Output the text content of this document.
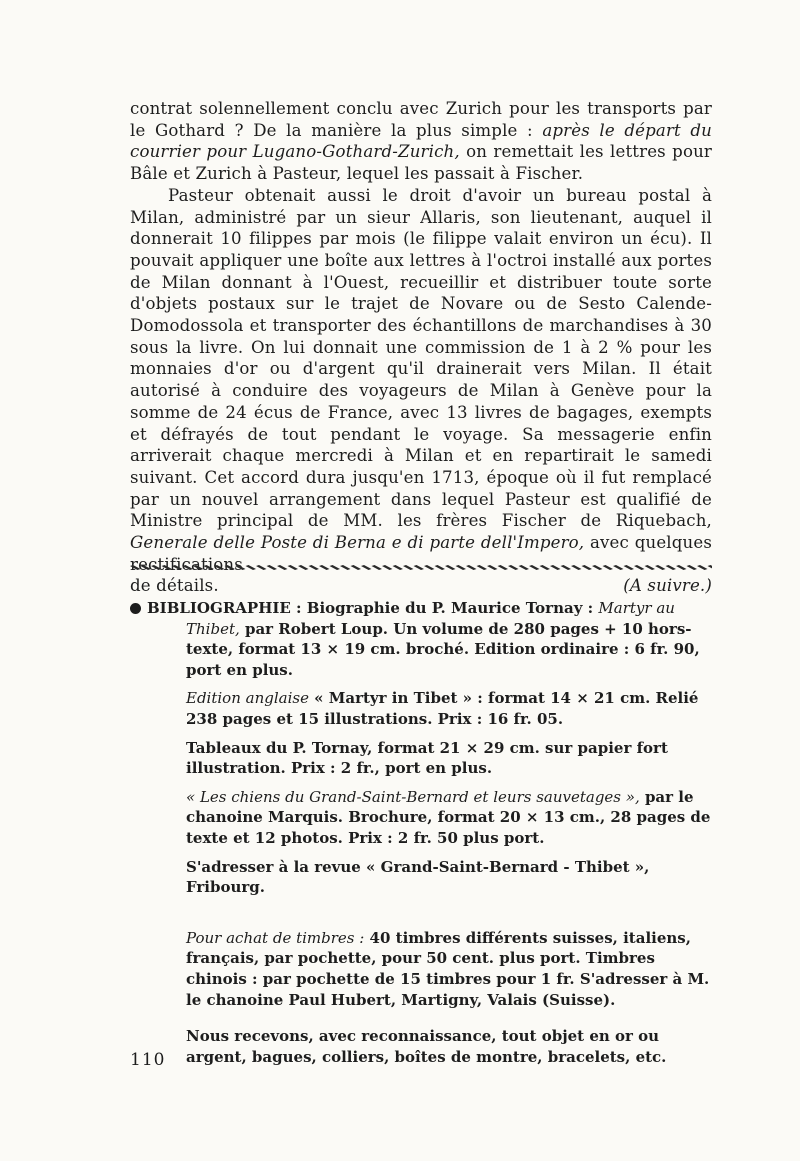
contrat solennellement conclu avec Zurich pour les transports par le Gothard ? De la manière la plus simple : après le départ du courrier pour Lugano-Gothard-Zurich, on remettait les lettres pour Bâle et Zurich à Pasteur, lequel les passait à Fischer.

Pasteur obtenait aussi le droit d'avoir un bureau postal à Milan, administré par un sieur Allaris, son lieutenant, auquel il donnerait 10 filippes par mois (le filippe valait environ un écu). Il pouvait appliquer une boîte aux lettres à l'octroi installé aux portes de Milan donnant à l'Ouest, recueillir et distribuer toute sorte d'objets postaux sur le trajet de Novare ou de Sesto Calende-Domodossola et transporter des échantillons de marchandises à 30 sous la livre. On lui donnait une commission de 1 à 2 % pour les monnaies d'or ou d'argent qu'il drainerait vers Milan. Il était autorisé à conduire des voyageurs de Milan à Genève pour la somme de 24 écus de France, avec 13 livres de bagages, exempts et défrayés de tout pendant le voyage. Sa messagerie enfin arriverait chaque mercredi à Milan et en repartirait le samedi suivant. Cet accord dura jusqu'en 1713, époque où il fut remplacé par un nouvel arrangement dans lequel Pasteur est qualifié de Ministre principal de MM. les frères Fischer de Riquebach, Generale delle Poste di Berna e di parte dell'Impero, avec quelques

de détails.	(A suivre.)

BIBLIOGRAPHIE : Biographie du P. Maurice Tornay : Martyr au Thibet, par Robert Loup. Un volume de 280 pages + 10 hors-texte, format 13 × 19 cm. broché. Edition ordinaire : 6 fr. 90, port en plus.

Edition anglaise « Martyr in Tibet » : format 14 × 21 cm. Relié 238 pages et 15 illustrations. Prix : 16 fr. 05.

Tableaux du P. Tornay, format 21 × 29 cm. sur papier fort illustration. Prix : 2 fr., port en plus.

« Les chiens du Grand-Saint-Bernard et leurs sauvetages », par le chanoine Marquis. Brochure, format 20 × 13 cm., 28 pages de texte et 12 photos. Prix : 2 fr. 50 plus port.

S'adresser à la revue « Grand-Saint-Bernard - Thibet », Fribourg.

Pour achat de timbres : 40 timbres différents suisses, italiens, français, par pochette, pour 50 cent. plus port. Timbres chinois : par pochette de 15 timbres pour 1 fr. S'adresser à M. le chanoine Paul Hubert, Martigny, Valais (Suisse).

Nous recevons, avec reconnaissance, tout objet en or ou argent, bagues, colliers, boîtes de montre, bracelets, etc.

110
